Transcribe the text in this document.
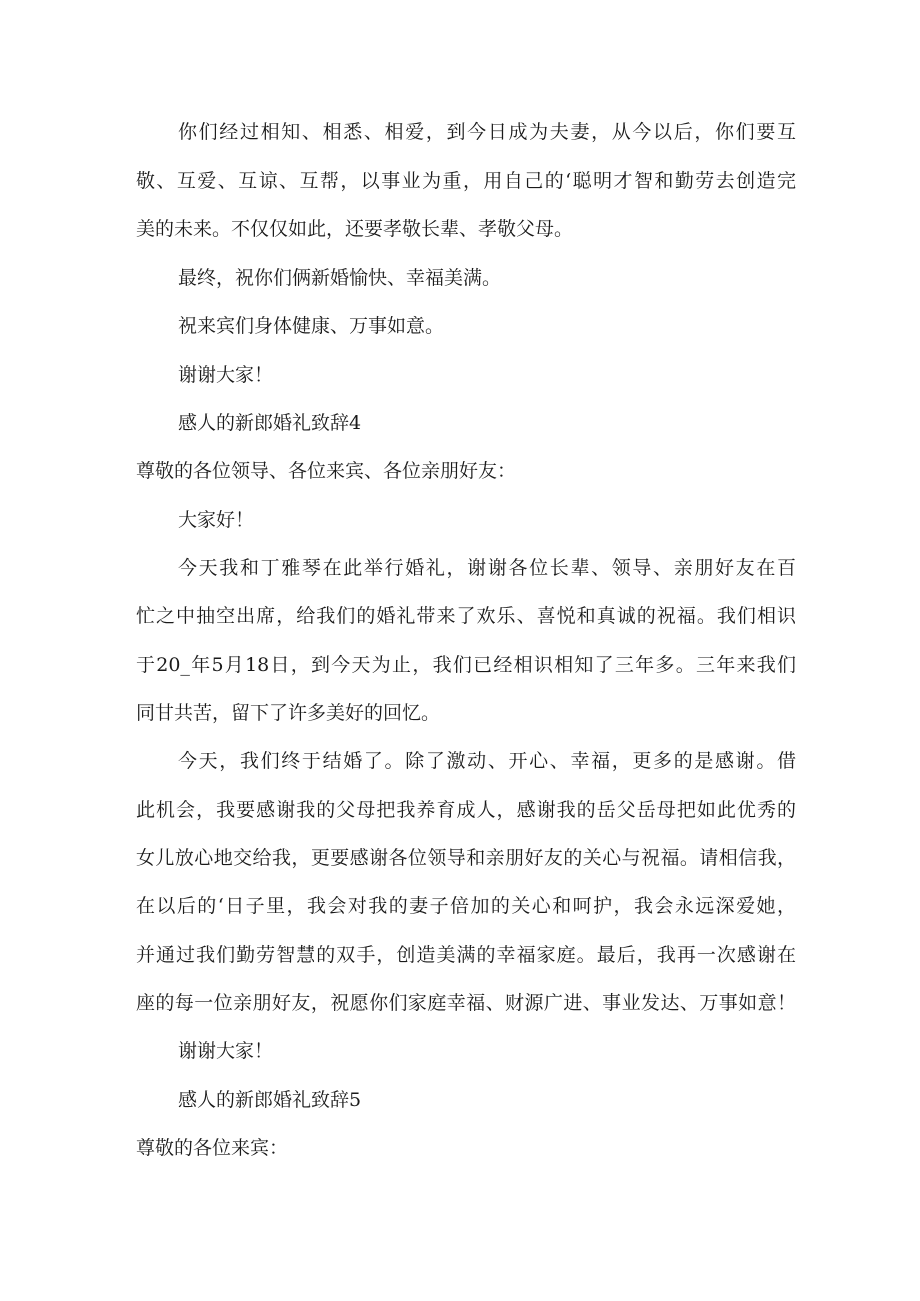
你们经过相知、相悉、相爱，到今日成为夫妻，从今以后，你们要互
敬、互爱、互谅、互帮，以事业为重，用自己的‘聪明才智和勤劳去创造完
美的未来。不仅仅如此，还要孝敬长辈、孝敬父母。
最终，祝你们俩新婚愉快、幸福美满。
祝来宾们身体健康、万事如意。
谢谢大家！
感人的新郎婚礼致辞4
尊敬的各位领导、各位来宾、各位亲朋好友：
大家好！
今天我和丁雅琴在此举行婚礼，谢谢各位长辈、领导、亲朋好友在百
忙之中抽空出席，给我们的婚礼带来了欢乐、喜悦和真诚的祝福。我们相识
于20_年5月18日，到今天为止，我们已经相识相知了三年多。三年来我们
同甘共苦，留下了许多美好的回忆。
今天，我们终于结婚了。除了激动、开心、幸福，更多的是感谢。借
此机会，我要感谢我的父母把我养育成人，感谢我的岳父岳母把如此优秀的
女儿放心地交给我，更要感谢各位领导和亲朋好友的关心与祝福。请相信我，
在以后的‘日子里，我会对我的妻子倍加的关心和呵护，我会永远深爱她，
并通过我们勤劳智慧的双手，创造美满的幸福家庭。最后，我再一次感谢在
座的每一位亲朋好友，祝愿你们家庭幸福、财源广进、事业发达、万事如意！
谢谢大家！
感人的新郎婚礼致辞5
尊敬的各位来宾：
